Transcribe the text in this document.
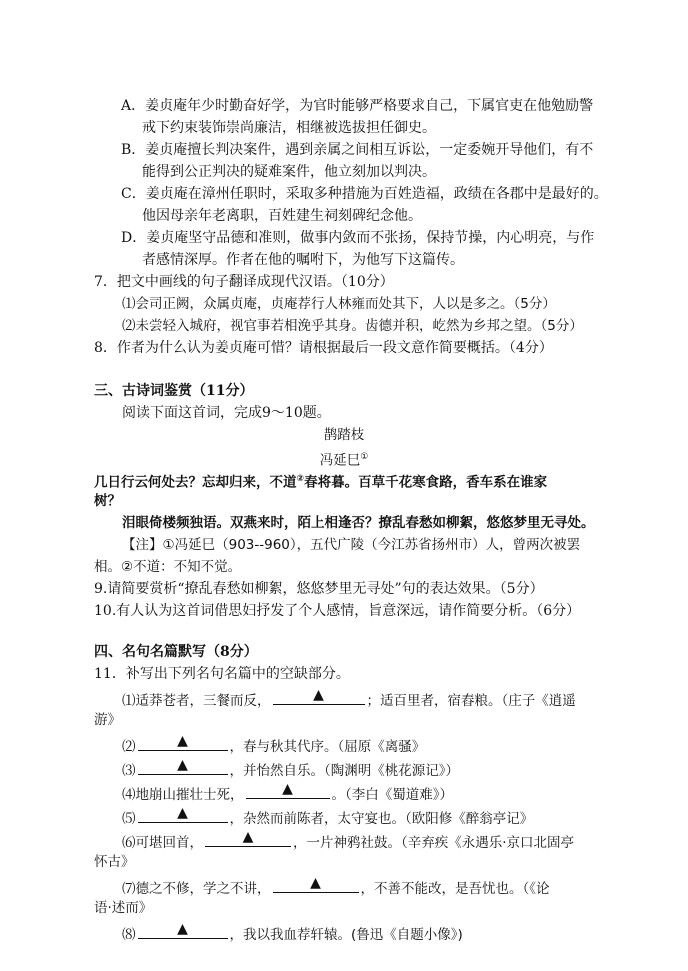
A．姜贞庵年少时勤奋好学，为官时能够严格要求自己，下属官吏在他勉励警
戒下约束装饰崇尚廉洁，相继被选拔担任御史。
B．姜贞庵擅长判决案件，遇到亲属之间相互诉讼，一定委婉开导他们，有不
能得到公正判决的疑难案件，他立刻加以判决。
C．姜贞庵在漳州任职时，采取多种措施为百姓造福，政绩在各郡中是最好的。
他因母亲年老离职，百姓建生祠刻碑纪念他。
D．姜贞庵坚守品德和准则，做事内敛而不张扬，保持节操，内心明亮，与作
者感情深厚。作者在他的嘱咐下，为他写下这篇传。
7．把文中画线的句子翻译成现代汉语。（10分）
⑴会司正阙，众属贞庵，贞庵荐行人林雍而处其下，人以是多之。（5分）
⑵未尝轻入城府，视官事若相浼乎其身。齿德并积，屹然为乡邦之望。（5分）
8．作者为什么认为姜贞庵可惜？请根据最后一段文意作简要概括。（4分）
三、古诗词鉴赏（11分）
阅读下面这首词，完成9～10题。
鹊踏枝
冯延巳①
几日行云何处去？忘却归来，不道②春将暮。百草千花寒食路，香车系在谁家
树？
泪眼倚楼频独语。双燕来时，陌上相逢否？撩乱春愁如柳絮，悠悠梦里无寻处。
【注】①冯延巳（903--960），五代广陵（今江苏省扬州市）人，曾两次被罢
相。②不道：不知不觉。
9.请简要赏析“撩乱春愁如柳絮，悠悠梦里无寻处”句的表达效果。（5分）
10.有人认为这首词借思妇抒发了个人感情，旨意深远，请作简要分析。（6分）
四、名句名篇默写（8分）
11．补写出下列名句名篇中的空缺部分。
⑴适莽苍者，三餐而反，	▲	；适百里者，宿舂粮。（庄子《逍遥
游》
⑵	▲	，春与秋其代序。（屈原《离骚》
⑶	▲	，并怡然自乐。（陶渊明《桃花源记》）
⑷地崩山摧壮士死，	▲	。（李白《蜀道难》）
⑸	▲	，杂然而前陈者，太守宴也。（欧阳修《醉翁亭记》
⑹可堪回首，	▲	，一片神鸦社鼓。（辛弃疾《永遇乐·京口北固亭
怀古》
⑺德之不修，学之不讲，	▲	，不善不能改，是吾忧也。（《论
语·述而》
⑻	▲	，我以我血荐轩辕。(鲁迅《自题小像》)
